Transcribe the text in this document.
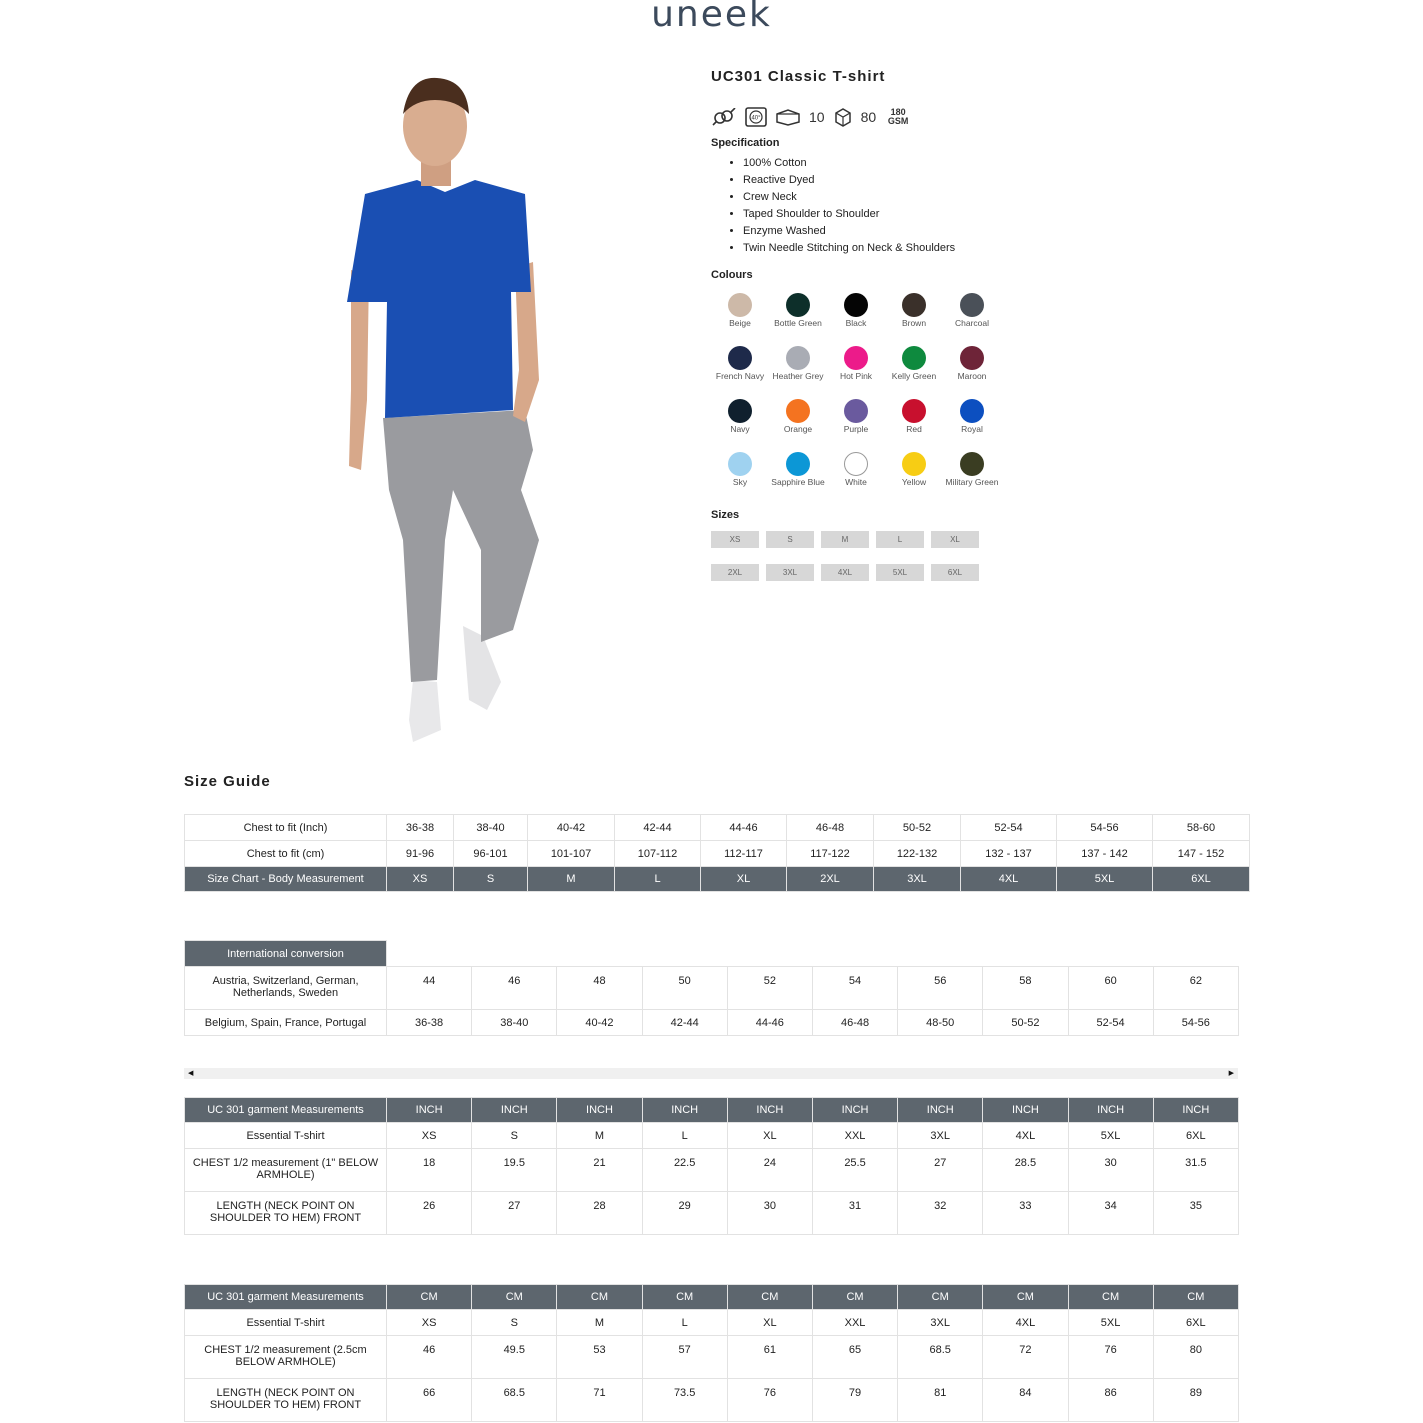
uneek
UC301 Classic T-shirt
40°	10	80	180 GSM
Specification
• 100% Cotton
• Reactive Dyed
• Crew Neck
• Taped Shoulder to Shoulder
• Enzyme Washed
• Twin Needle Stitching on Neck & Shoulders
Colours
Beige	Bottle Green	Black	Brown	Charcoal
French Navy Heather Grey	Hot Pink	Kelly Green	Maroon
Navy	Orange	Purple	Red	Royal
Sky	Sapphire Blue	White	Yellow	Military Green
Sizes
XS	S	M	L	XL
2XL	3XL	4XL	5XL	6XL
Size Guide
Chest to fit (Inch)	36-38	38-40	40-42	42-44	44-46	46-48	50-52	52-54	54-56	58-60
Chest to fit (cm)	91-96	96-101	101-107	107-112	112-117	117-122	122-132	132 - 137	137 - 142	147 - 152
Size Chart - Body Measurement	XS	S	M	L	XL	2XL	3XL	4XL	5XL	6XL
International conversion										
Austria, Switzerland, German, Netherlands, Sweden	44	46	48	50	52	54	56	58	60	62
Belgium, Spain, France, Portugal	36-38	38-40	40-42	42-44	44-46	46-48	48-50	50-52	52-54	54-56
◀	▶
UC 301 garment Measurements	INCH	INCH	INCH	INCH	INCH	INCH	INCH	INCH	INCH	INCH
Essential T-shirt	XS	S	M	L	XL	XXL	3XL	4XL	5XL	6XL
CHEST 1/2 measurement (1" BELOW ARMHOLE)	18	19.5	21	22.5	24	25.5	27	28.5	30	31.5
LENGTH (NECK POINT ON SHOULDER TO HEM) FRONT	26	27	28	29	30	31	32	33	34	35
UC 301 garment Measurements	CM	CM	CM	CM	CM	CM	CM	CM	CM	CM
Essential T-shirt	XS	S	M	L	XL	XXL	3XL	4XL	5XL	6XL
CHEST 1/2 measurement (2.5cm BELOW ARMHOLE)	46	49.5	53	57	61	65	68.5	72	76	80
LENGTH (NECK POINT ON SHOULDER TO HEM) FRONT	66	68.5	71	73.5	76	79	81	84	86	89
